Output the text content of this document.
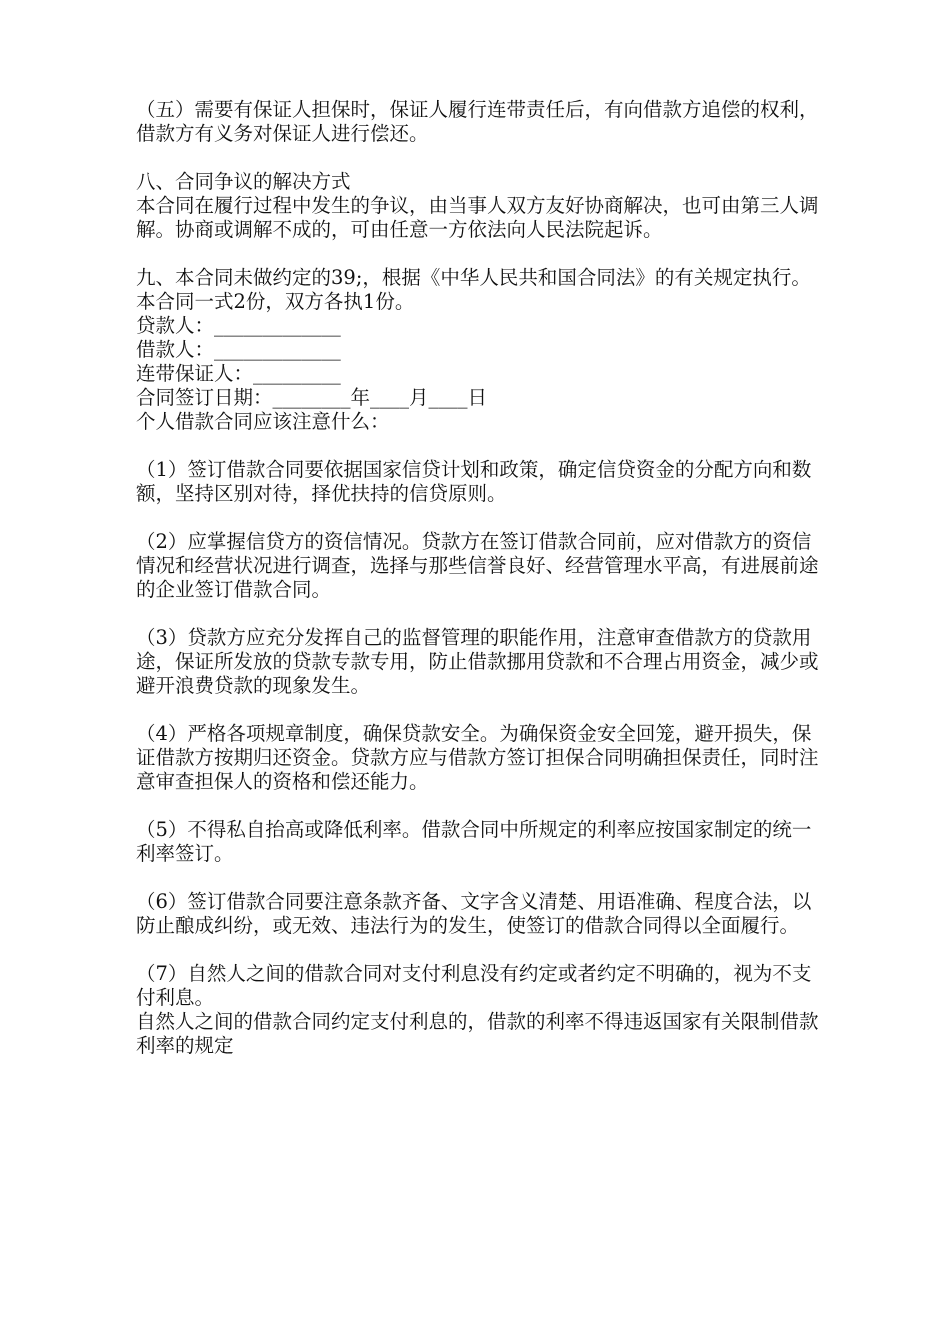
（五）需要有保证人担保时，保证人履行连带责任后，有向借款方追偿的权利，借款方有义务对保证人进行偿还。

八、合同争议的解决方式

本合同在履行过程中发生的争议，由当事人双方友好协商解决，也可由第三人调解。协商或调解不成的，可由任意一方依法向人民法院起诉。

九、本合同未做约定的39;，根据《中华人民共和国合同法》的有关规定执行。

本合同一式2份，双方各执1份。

贷款人：_____________

借款人：_____________

连带保证人：_________

合同签订日期：________年____月____日

个人借款合同应该注意什么：

（1）签订借款合同要依据国家信贷计划和政策，确定信贷资金的分配方向和数额，坚持区别对待，择优扶持的信贷原则。

（2）应掌握信贷方的资信情况。贷款方在签订借款合同前，应对借款方的资信情况和经营状况进行调查，选择与那些信誉良好、经营管理水平高，有进展前途的企业签订借款合同。

（3）贷款方应充分发挥自己的监督管理的职能作用，注意审查借款方的贷款用途，保证所发放的贷款专款专用，防止借款挪用贷款和不合理占用资金，减少或避开浪费贷款的现象发生。

（4）严格各项规章制度，确保贷款安全。为确保资金安全回笼，避开损失，保证借款方按期归还资金。贷款方应与借款方签订担保合同明确担保责任，同时注意审查担保人的资格和偿还能力。

（5）不得私自抬高或降低利率。借款合同中所规定的利率应按国家制定的统一利率签订。

（6）签订借款合同要注意条款齐备、文字含义清楚、用语准确、程度合法，以防止酿成纠纷，或无效、违法行为的发生，使签订的借款合同得以全面履行。

（7）自然人之间的借款合同对支付利息没有约定或者约定不明确的，视为不支付利息。

自然人之间的借款合同约定支付利息的，借款的利率不得违返国家有关限制借款利率的规定
